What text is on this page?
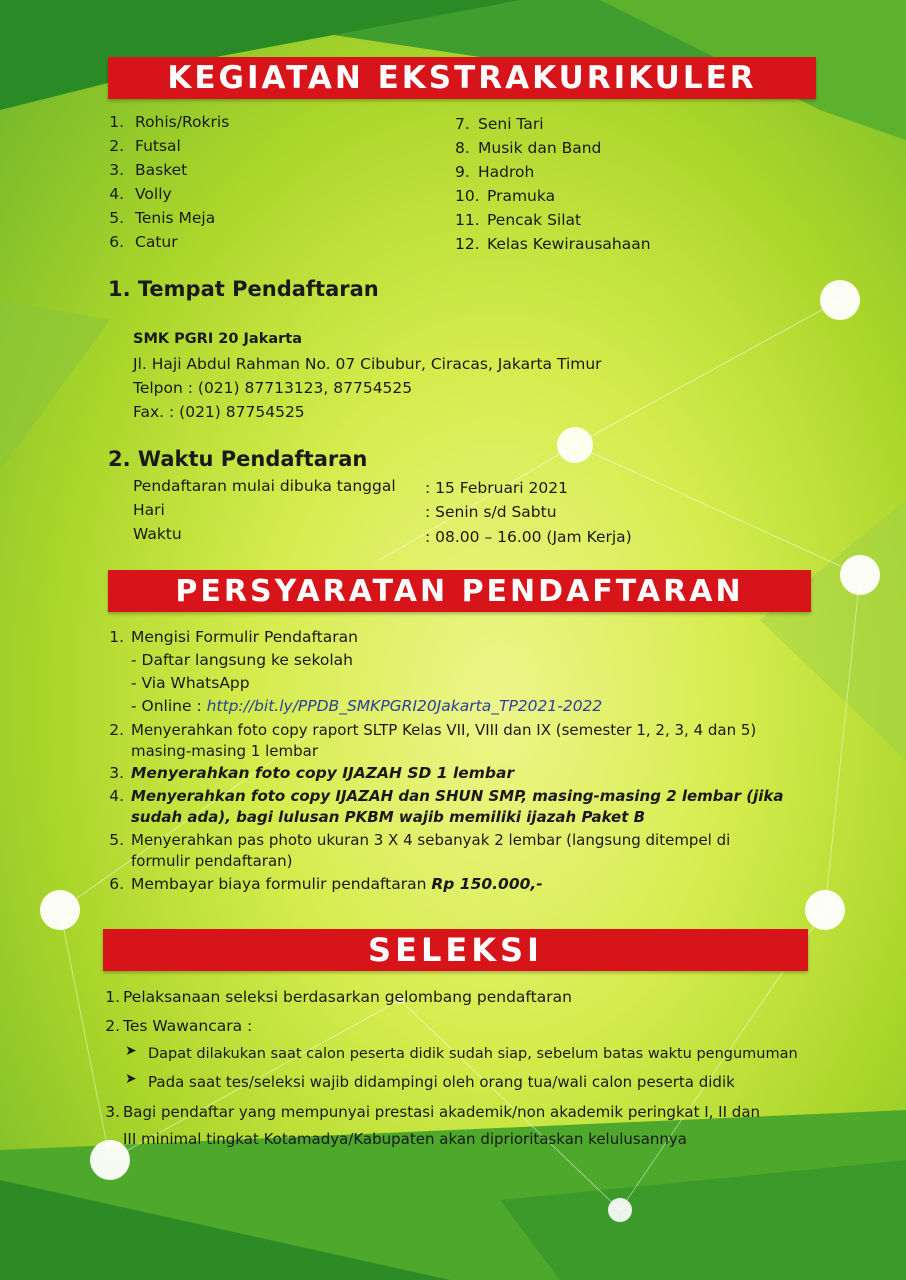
KEGIATAN EKSTRAKURIKULER
1. Rohis/Rokris
2. Futsal
3. Basket
4. Volly
5. Tenis Meja
6. Catur
7. Seni Tari
8. Musik dan Band
9. Hadroh
10. Pramuka
11. Pencak Silat
12. Kelas Kewirausahaan
1. Tempat Pendaftaran
SMK PGRI 20 Jakarta
Jl. Haji Abdul Rahman No. 07 Cibubur, Ciracas, Jakarta Timur
Telpon : (021) 87713123, 87754525
Fax. : (021) 87754525
2. Waktu Pendaftaran
Pendaftaran mulai dibuka tanggal : 15 Februari 2021
Hari	: Senin s/d Sabtu
Waktu	: 08.00 – 16.00 (Jam Kerja)
PERSYARATAN PENDAFTARAN
1. Mengisi Formulir Pendaftaran
- Daftar langsung ke sekolah
- Via WhatsApp
- Online : http://bit.ly/PPDB_SMKPGRI20Jakarta_TP2021-2022
2. Menyerahkan foto copy raport SLTP Kelas VII, VIII dan IX (semester 1, 2, 3, 4 dan 5)
masing-masing 1 lembar
3. Menyerahkan foto copy IJAZAH SD 1 lembar
4. Menyerahkan foto copy IJAZAH dan SHUN SMP, masing-masing 2 lembar (jika
sudah ada), bagi lulusan PKBM wajib memiliki ijazah Paket B
5. Menyerahkan pas photo ukuran 3 X 4 sebanyak 2 lembar (langsung ditempel di
formulir pendaftaran)
6. Membayar biaya formulir pendaftaran Rp 150.000,-
SELEKSI
1. Pelaksanaan seleksi berdasarkan gelombang pendaftaran
2. Tes Wawancara :
➤ Dapat dilakukan saat calon peserta didik sudah siap, sebelum batas waktu pengumuman
➤ Pada saat tes/seleksi wajib didampingi oleh orang tua/wali calon peserta didik
3. Bagi pendaftar yang mempunyai prestasi akademik/non akademik peringkat I, II dan
III minimal tingkat Kotamadya/Kabupaten akan diprioritaskan kelulusannya
